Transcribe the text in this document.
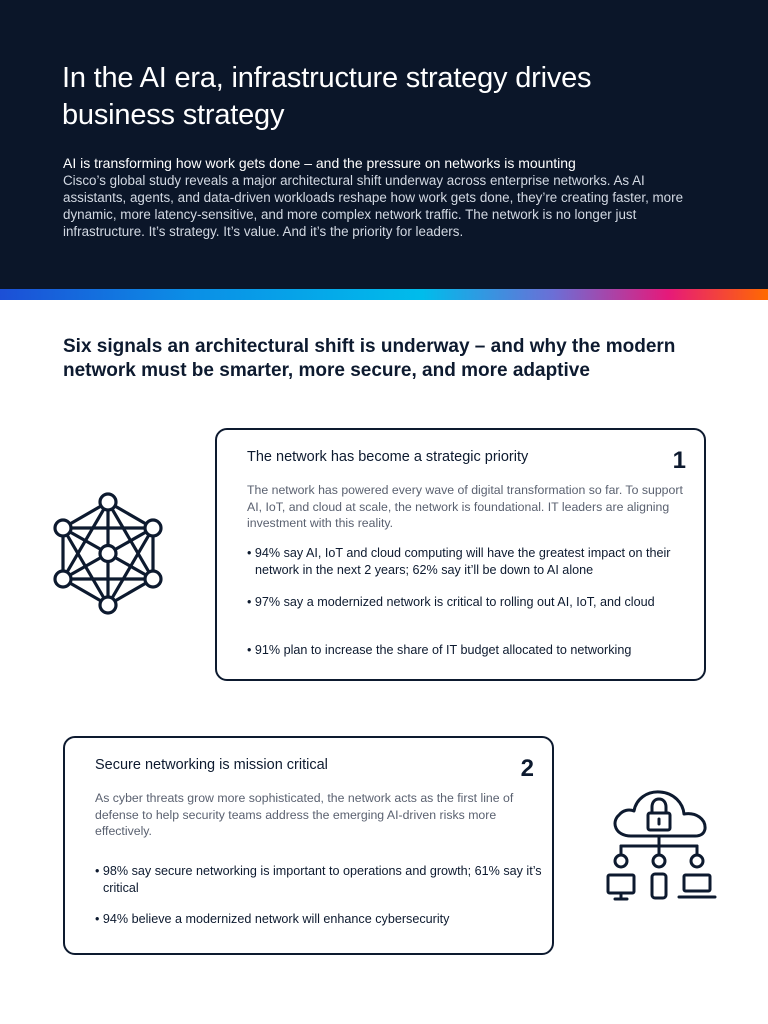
In the AI era, infrastructure strategy drives business strategy

AI is transforming how work gets done – and the pressure on networks is mounting

Cisco’s global study reveals a major architectural shift underway across enterprise networks. As AI assistants, agents, and data-driven workloads reshape how work gets done, they’re creating faster, more dynamic, more latency-sensitive, and more complex network traffic. The network is no longer just infrastructure. It’s strategy. It’s value. And it’s the priority for leaders.

Six signals an architectural shift is underway – and why the modern network must be smarter, more secure, and more adaptive
The network has become a strategic priority	1

The network has powered every wave of digital transformation so far. To support AI, IoT, and cloud at scale, the network is foundational. IT leaders are aligning investment with this reality.

• 94% say AI, IoT and cloud computing will have the greatest impact on their network in the next 2 years; 62% say it’ll be down to AI alone

• 97% say a modernized network is critical to rolling out AI, IoT, and cloud

• 91% plan to increase the share of IT budget allocated to networking

Secure networking is mission critical	2

As cyber threats grow more sophisticated, the network acts as the first line of defense to help security teams address the emerging AI-driven risks more effectively.

• 98% say secure networking is important to operations and growth; 61% say it’s critical

• 94% believe a modernized network will enhance cybersecurity
